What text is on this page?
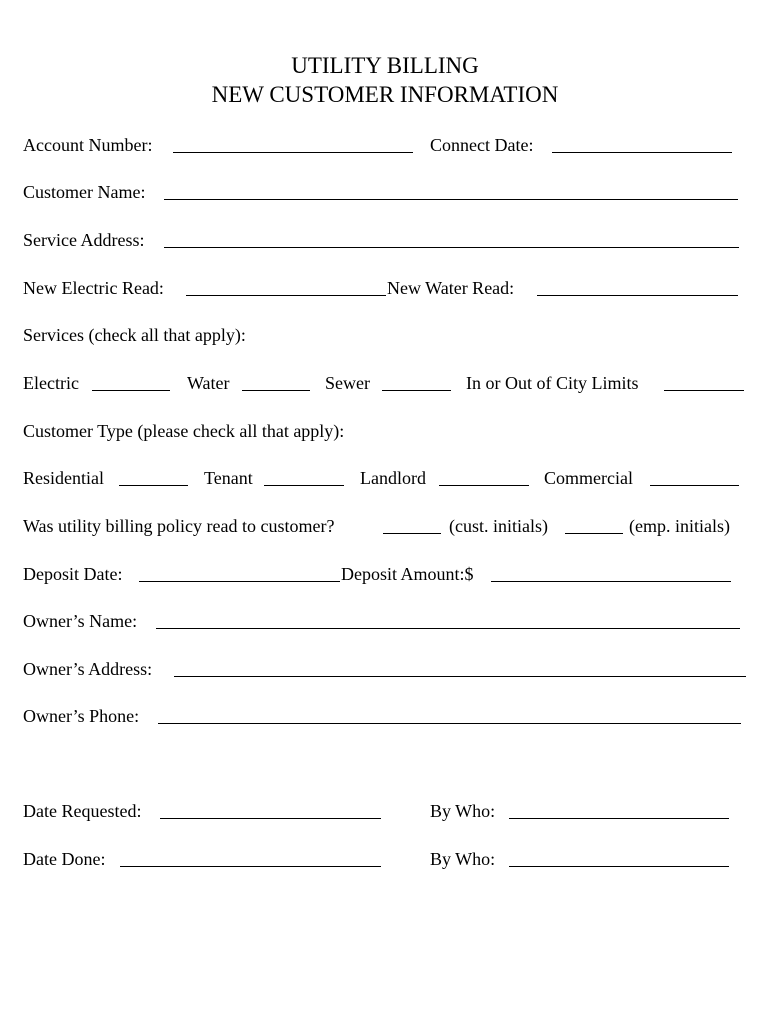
UTILITY BILLING
NEW CUSTOMER INFORMATION
Account Number:	Connect Date:
Customer Name:
Service Address:
New Electric Read:	New Water Read:
Services (check all that apply):
Electric	Water	Sewer	In or Out of City Limits
Customer Type (please check all that apply):
Residential	Tenant	Landlord	Commercial
Was utility billing policy read to customer?	(cust. initials)	(emp. initials)
Deposit Date:	Deposit Amount:$
Owner’s Name:
Owner’s Address:
Owner’s Phone:
Date Requested:	By Who:
Date Done:	By Who:
